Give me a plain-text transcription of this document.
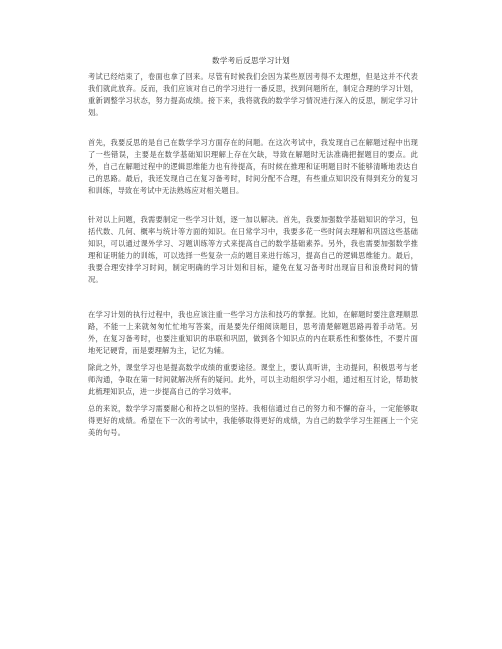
数学考后反思学习计划

考试已经结束了，卷面也拿了回来。尽管有时候我们会因为某些原因考得不太理想，但是这并不代表我们就此放弃。反而，我们应该对自己的学习进行一番反思，找到问题所在，制定合理的学习计划，重新调整学习状态，努力提高成绩。接下来，我将就我的数学学习情况进行深入的反思，制定学习计划。

首先，我要反思的是自己在数学学习方面存在的问题。在这次考试中，我发现自己在解题过程中出现了一些错误，主要是在数学基础知识理解上存在欠缺，导致在解题时无法准确把握题目的要点。此外，自己在解题过程中的逻辑思维能力也有待提高，有时候在推理和证明题目时不能够清晰地表达自己的思路。最后，我还发现自己在复习备考时，时间分配不合理，有些重点知识没有得到充分的复习和训练，导致在考试中无法熟练应对相关题目。

针对以上问题，我需要制定一些学习计划，逐一加以解决。首先，我要加强数学基础知识的学习，包括代数、几何、概率与统计等方面的知识。在日常学习中，我要多花一些时间去理解和巩固这些基础知识，可以通过课外学习、习题训练等方式来提高自己的数学基础素养。另外，我也需要加强数学推理和证明能力的训练，可以选择一些复杂一点的题目来进行练习，提高自己的逻辑思维能力。最后，我要合理安排学习时间，制定明确的学习计划和目标，避免在复习备考时出现盲目和浪费时间的情况。

在学习计划的执行过程中，我也应该注重一些学习方法和技巧的掌握。比如，在解题时要注意理顺思路，不能一上来就匆匆忙忙地写答案，而是要先仔细阅读题目，思考清楚解题思路再着手动笔。另外，在复习备考时，也要注重知识的串联和巩固，做到各个知识点的内在联系性和整体性，不要片面地死记硬背，而是要理解为主，记忆为辅。

除此之外，课堂学习也是提高数学成绩的重要途径。课堂上，要认真听讲，主动提问，积极思考与老师沟通，争取在第一时间就解决所有的疑问。此外，可以主动组织学习小组，通过相互讨论，帮助彼此梳理知识点，进一步提高自己的学习效率。

总的来说，数学学习需要耐心和持之以恒的坚持。我相信通过自己的努力和不懈的奋斗，一定能够取得更好的成绩。希望在下一次的考试中，我能够取得更好的成绩，为自己的数学学习生涯画上一个完美的句号。
